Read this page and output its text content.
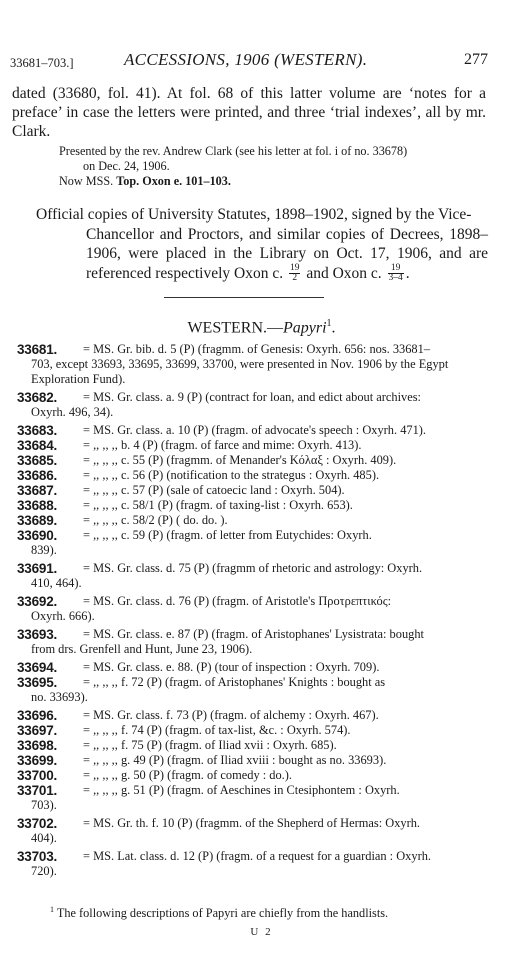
33681–703.]	ACCESSIONS, 1906 (WESTERN).	277
dated (33680, fol. 41). At fol. 68 of this latter volume are ‘notes for a preface’ in case the letters were printed, and three ‘trial indexes’, all by mr. Clark.
Presented by the rev. Andrew Clark (see his letter at fol. i of no. 33678)
on Dec. 24, 1906.
Now MSS. Top. Oxon e. 101–103.
Official copies of University Statutes, 1898–1902, signed by the Vice-
Chancellor and Proctors, and similar copies of Decrees, 1898–1906, were placed in the Library on Oct. 17, 1906, and are referenced respectively Oxon c. $\frac{19}{2}$ and Oxon c. $\frac{19}{3-4}$ .
WESTERN.—Papyri$^1$.
33681. = MS. Gr. bib. d. 5 (P) (fragmm. of Genesis: Oxyrh. 656: nos. 33681–
703, except 33693, 33695, 33699, 33700, were presented in Nov. 1906 by the Egypt Exploration Fund).
33682. = MS. Gr. class. a. 9 (P) (contract for loan, and edict about archives:
Oxyrh. 496, 34).
33683. = MS. Gr. class. a. 10 (P) (fragm. of advocate's speech : Oxyrh. 471).
33684. = ,, ,, ,, b. 4 (P) (fragm. of farce and mime: Oxyrh. 413).
33685. = ,, ,, ,, c. 55 (P) (fragmm. of Menander's Κόλαξ : Oxyrh. 409).
33686. = ,, ,, ,, c. 56 (P) (notification to the strategus : Oxyrh. 485).
33687. = ,, ,, ,, c. 57 (P) (sale of catoecic land : Oxyrh. 504).
33688. = ,, ,, ,, c. 58/1 (P) (fragm. of taxing-list : Oxyrh. 653).
33689. = ,, ,, ,, c. 58/2 (P) ( do. do. ).
33690. = ,, ,, ,, c. 59 (P) (fragm. of letter from Eutychides: Oxyrh.
839).
33691. = MS. Gr. class. d. 75 (P) (fragmm of rhetoric and astrology: Oxyrh.
410, 464).
33692. = MS. Gr. class. d. 76 (P) (fragm. of Aristotle's Προτρεπτικός:
Oxyrh. 666).
33693. = MS. Gr. class. e. 87 (P) (fragm. of Aristophanes' Lysistrata: bought
from drs. Grenfell and Hunt, June 23, 1906).
33694. = MS. Gr. class. e. 88. (P) (tour of inspection : Oxyrh. 709).
33695. = ,, ,, ,, f. 72 (P) (fragm. of Aristophanes' Knights : bought as
no. 33693).
33696. = MS. Gr. class. f. 73 (P) (fragm. of alchemy : Oxyrh. 467).
33697. = ,, ,, ,, f. 74 (P) (fragm. of tax-list, &c. : Oxyrh. 574).
33698. = ,, ,, ,, f. 75 (P) (fragm. of Iliad xvii : Oxyrh. 685).
33699. = ,, ,, ,, g. 49 (P) (fragm. of Iliad xviii : bought as no. 33693).
33700. = ,, ,, ,, g. 50 (P) (fragm. of comedy : do.).
33701. = ,, ,, ,, g. 51 (P) (fragm. of Aeschines in Ctesiphontem : Oxyrh.
703).
33702. = MS. Gr. th. f. 10 (P) (fragmm. of the Shepherd of Hermas: Oxyrh.
404).
33703. = MS. Lat. class. d. 12 (P) (fragm. of a request for a guardian : Oxyrh.
720).
$^1$ The following descriptions of Papyri are chiefly from the handlists.
U 2
